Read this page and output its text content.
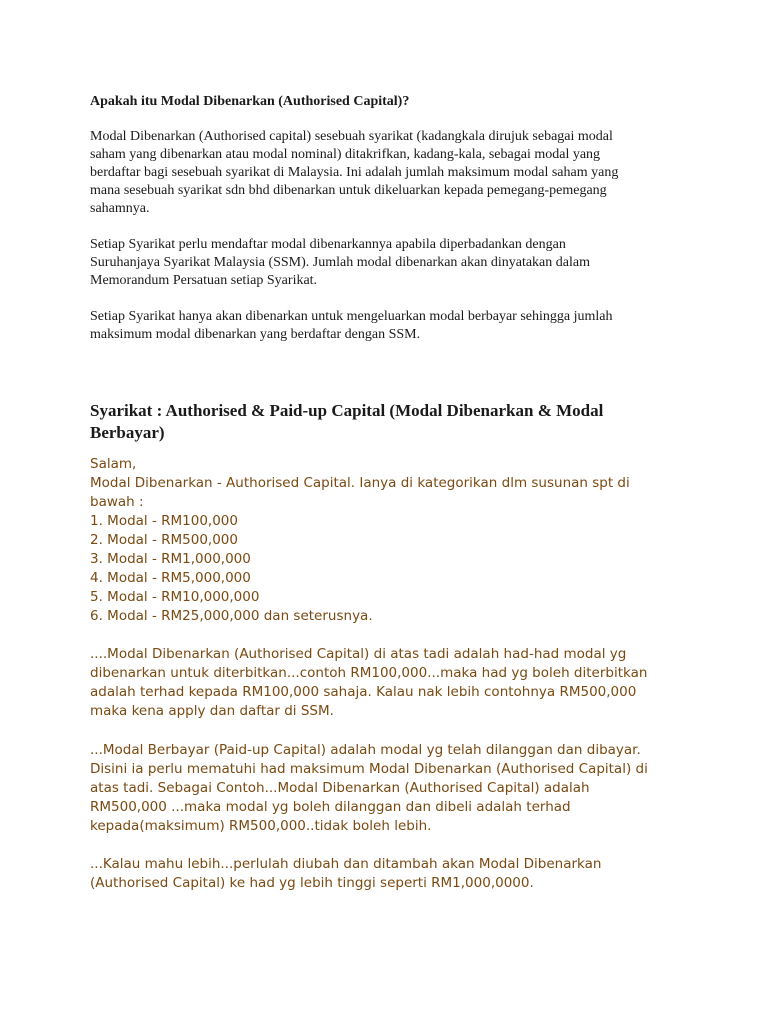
Apakah itu Modal Dibenarkan (Authorised Capital)?

Modal Dibenarkan (Authorised capital) sesebuah syarikat (kadangkala dirujuk sebagai modal
saham yang dibenarkan atau modal nominal) ditakrifkan, kadang-kala, sebagai modal yang
berdaftar bagi sesebuah syarikat di Malaysia. Ini adalah jumlah maksimum modal saham yang
mana sesebuah syarikat sdn bhd dibenarkan untuk dikeluarkan kepada pemegang-pemegang
sahamnya.

Setiap Syarikat perlu mendaftar modal dibenarkannya apabila diperbadankan dengan
Suruhanjaya Syarikat Malaysia (SSM). Jumlah modal dibenarkan akan dinyatakan dalam
Memorandum Persatuan setiap Syarikat.

Setiap Syarikat hanya akan dibenarkan untuk mengeluarkan modal berbayar sehingga jumlah
maksimum modal dibenarkan yang berdaftar dengan SSM.

Syarikat : Authorised & Paid-up Capital (Modal Dibenarkan & Modal
Berbayar)
Salam,
Modal Dibenarkan - Authorised Capital. Ianya di kategorikan dlm susunan spt di
bawah :
1. Modal - RM100,000
2. Modal - RM500,000
3. Modal - RM1,000,000
4. Modal - RM5,000,000
5. Modal - RM10,000,000
6. Modal - RM25,000,000 dan seterusnya.
....Modal Dibenarkan (Authorised Capital) di atas tadi adalah had-had modal yg
dibenarkan untuk diterbitkan...contoh RM100,000...maka had yg boleh diterbitkan
adalah terhad kepada RM100,000 sahaja. Kalau nak lebih contohnya RM500,000
maka kena apply dan daftar di SSM.
...Modal Berbayar (Paid-up Capital) adalah modal yg telah dilanggan dan dibayar.
Disini ia perlu mematuhi had maksimum Modal Dibenarkan (Authorised Capital) di
atas tadi. Sebagai Contoh...Modal Dibenarkan (Authorised Capital) adalah
RM500,000 ...maka modal yg boleh dilanggan dan dibeli adalah terhad
kepada(maksimum) RM500,000..tidak boleh lebih.
...Kalau mahu lebih...perlulah diubah dan ditambah akan Modal Dibenarkan
(Authorised Capital) ke had yg lebih tinggi seperti RM1,000,0000.
